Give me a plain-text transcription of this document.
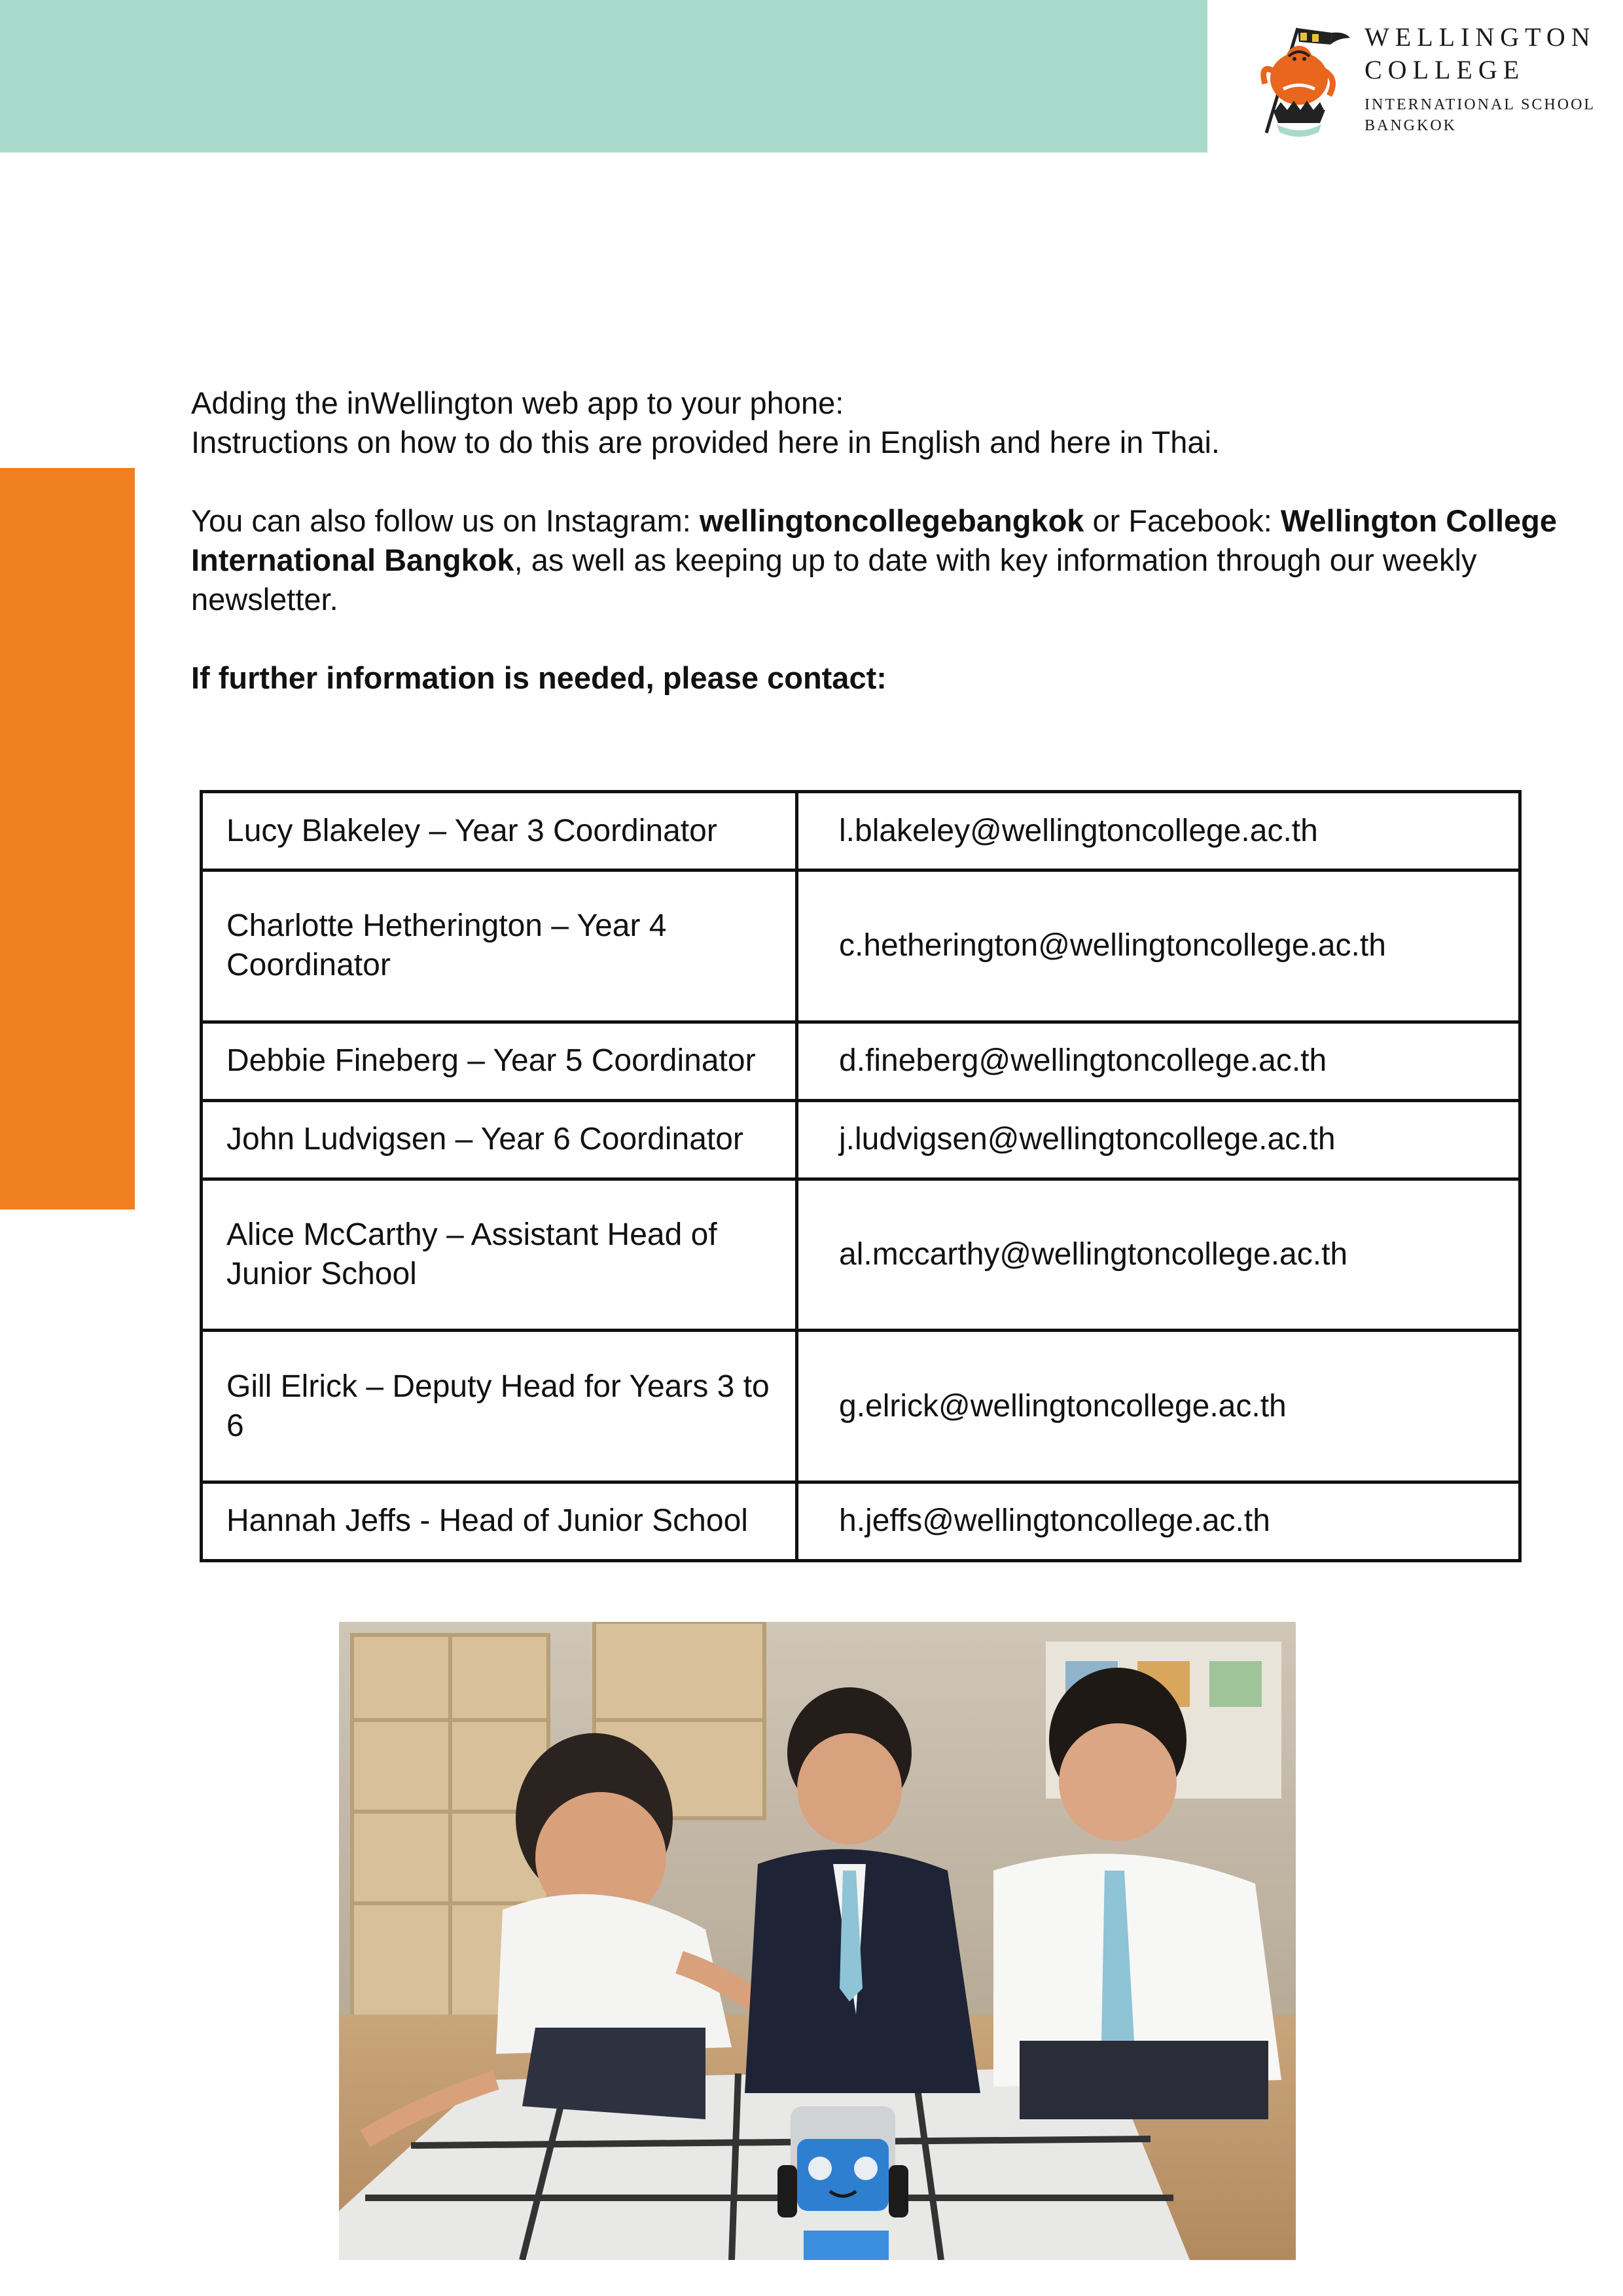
WELLINGTON
COLLEGE
INTERNATIONAL SCHOOL
BANGKOK

Adding the inWellington web app to your phone:

Instructions on how to do this are provided here in English and here in Thai.

You can also follow us on Instagram: wellingtoncollegebangkok or Facebook: Wellington College International Bangkok, as well as keeping up to date with key information through our weekly newsletter.

If further information is needed, please contact:

Lucy Blakeley – Year 3 Coordinator	l.blakeley@wellingtoncollege.ac.th
Charlotte Hetherington – Year 4 Coordinator	c.hetherington@wellingtoncollege.ac.th
Debbie Fineberg – Year 5 Coordinator	d.fineberg@wellingtoncollege.ac.th
John Ludvigsen – Year 6 Coordinator	j.ludvigsen@wellingtoncollege.ac.th
Alice McCarthy – Assistant Head of Junior School	al.mccarthy@wellingtoncollege.ac.th
Gill Elrick – Deputy Head for Years 3 to 6	g.elrick@wellingtoncollege.ac.th
Hannah Jeffs - Head of Junior School	h.jeffs@wellingtoncollege.ac.th
